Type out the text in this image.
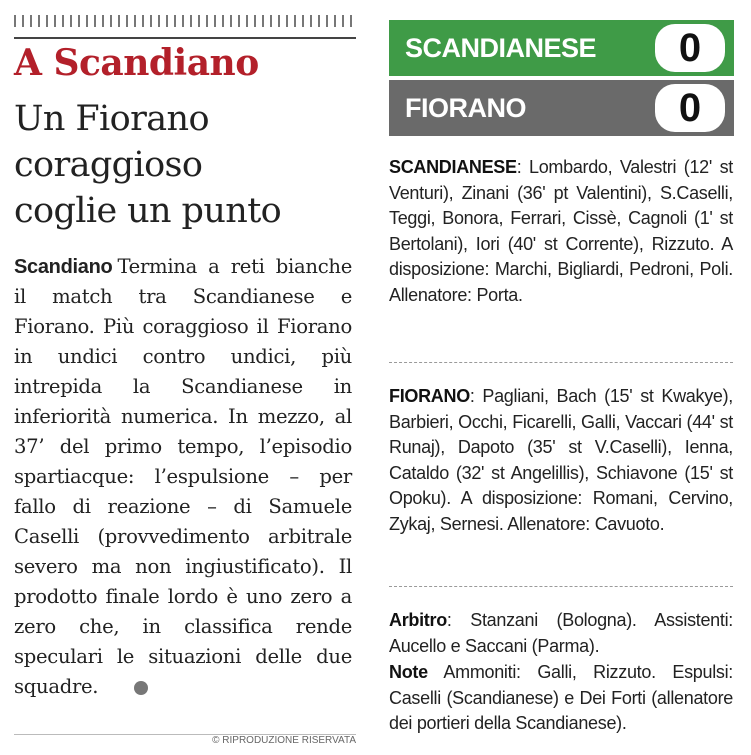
A Scandiano
Un Fiorano
coraggioso
coglie un punto

Scandiano Termina a reti bianche il match tra Scandianese e Fiorano. Più coraggioso il Fiorano in undici contro undici, più intrepida la Scandianese in inferiorità numerica. In mezzo, al 37’ del primo tempo, l’episodio spartiacque: l’espulsione – per fallo di reazione – di Samuele Caselli (provvedimento arbitrale severo ma non ingiustificato). Il prodotto finale lordo è uno zero a zero che, in classifica rende speculari le situazioni delle due squadre.

© RIPRODUZIONE RISERVATA
SCANDIANESE	0
FIORANO	0

SCANDIANESE: Lombardo, Valestri (12' st Venturi), Zinani (36' pt Valentini), S.Caselli, Teggi, Bonora, Ferrari, Cissè, Cagnoli (1' st Bertolani), Iori (40' st Corrente), Rizzuto. A disposizione: Marchi, Bigliardi, Pedroni, Poli. Allenatore: Porta.

FIORANO: Pagliani, Bach (15' st Kwakye), Barbieri, Occhi, Ficarelli, Galli, Vaccari (44' st Runaj), Dapoto (35' st V.Caselli), Ienna, Cataldo (32' st Angelillis), Schiavone (15' st Opoku). A disposizione: Romani, Cervino, Zykaj, Sernesi. Allenatore: Cavuoto.

Arbitro: Stanzani (Bologna). Assistenti: Aucello e Saccani (Parma).

Note Ammoniti: Galli, Rizzuto. Espulsi: Caselli (Scandianese) e Dei Forti (allenatore dei portieri della Scandianese).
